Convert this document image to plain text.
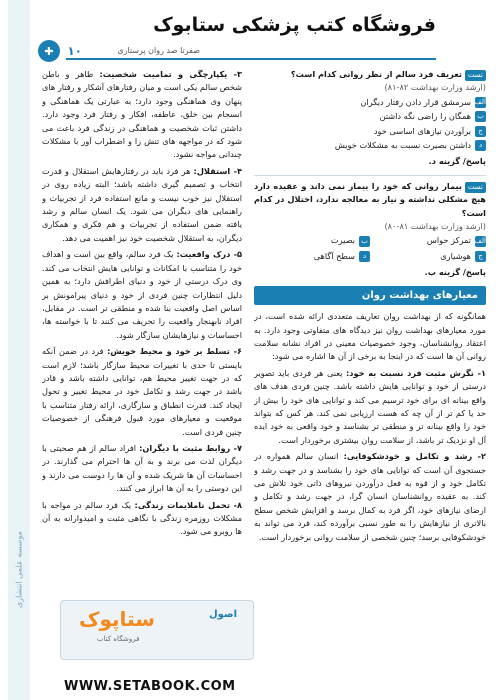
موسسه علمی انتشاری
فروشگاه کتب پزشکی ستابوک
۱۰	صفرتا صد روان پرستاری
✚
تستتعریف فرد سالم از نظر روانی کدام است؟
(ارشد وزارت بهداشت ۸۲-۸۱)
الف
سرمشق قرار دادن رفتار دیگران
ب
همگان را راضی نگه داشتن
ج
برآوردن نیازهای اساسی خود
د
داشتن بصیرت نسبت به مشکلات خویش
پاسخ/ گزینه د.
تستبیمار روانی که خود را بیمار نمی داند و عقیده دارد هیچ مشکلی نداشته و نیاز به معالجه ندارد، اختلال در کدام است؟
(ارشد وزارت بهداشت ۸۱-۸۰)
الف
تمرکز حواس
ب
بصیرت
ج
هوشیاری
د
سطح آگاهی
پاسخ/ گزینه ب.
معیارهای بهداشت روان

همانگونه که از بهداشت روان تعاریف متعددی ارائه شده است، در مورد معیارهای بهداشت روان نیز دیدگاه های متفاوتی وجود دارد. به اعتقاد روانشناسان، وجود خصوصیات معینی در افراد نشانه سلامت روانی آن ها است که در اینجا به برخی از آن ها اشاره می شود:

۱- نگرش مثبت فرد نسبت به خود: یعنی هر فردی باید تصویر درستی از خود و توانایی هایش داشته باشد. چنین فردی هدف های واقع بینانه ای برای خود ترسیم می کند و توانایی های خود را بیش از حد یا کم تر از آن چه که هست ارزیابی نمی کند. هر کس که بتواند خود را واقع بینانه تر و منطقی تر بشناسد و خود واقعی به خود ایده آل او نزدیک تر باشد، از سلامت روان بیشتری برخوردار است.

۲- رشد و تکامل و خودشکوفایی: انسان سالم همواره در جستجوی آن است که توانایی های خود را بشناسد و در جهت رشد و تکامل خود و از قوه به فعل درآوردن نیروهای ذاتی خود تلاش می کند. به عقیده روانشناسان انسان گرا، در جهت رشد و تکامل و ارضای نیازهای خود، اگر فرد به کمال برسد و افزایش شخص سطح بالاتری از نیازهایش را به طور نسبی برآورده کند، فرد می تواند به خودشکوفایی برسد؛ چنین شخصی از سلامت روانی برخوردار است.

۳- یکپارچگی و تمامیت شخصیت: ظاهر و باطن شخص سالم یکی است و میان رفتارهای آشکار و رفتار های پنهان وی هماهنگی وجود دارد؛ به عبارتی یک هماهنگی و انسجام بین خلق، عاطفه، افکار و رفتار فرد وجود دارد. داشتن ثبات شخصیت و هماهنگی در زندگی فرد باعث می شود که در مواجهه های تنش زا و اضطراب آور با مشکلات چندانی مواجه نشود.

۴- استقلال: هر فرد باید در رفتارهایش استقلال و قدرت انتخاب و تصمیم گیری داشته باشد؛ البته زیاده روی در استقلال نیز خوب نیست و مانع استفاده فرد از تجربیات و راهنمایی های دیگران می شود. یک انسان سالم و رشد یافته ضمن استفاده از تجربیات و هم فکری و همکاری دیگران، به استقلال شخصیت خود نیز اهمیت می دهد.

۵- درک واقعیت: یک فرد سالم، واقع بین است و اهداف خود را متناسب با امکانات و توانایی هایش انتخاب می کند. وی درک درستی از خود و دنیای اطرافش دارد؛ به همین دلیل انتظارات چنین فردی از خود و دنیای پیرامونش بر اساس اصل واقعیت بنا شده و منطقی تر است. در مقابل، افراد نابهنجار واقعیت را تحریف می کنند تا با خواسته ها، احساسات و نیازهایشان سازگار شود.

۶- تسلط بر خود و محیط خویش: فرد در ضمن آنکه بایستی تا حدی با تغییرات محیط سازگار باشد؛ لازم است که در جهت تغییر محیط هم، توانایی داشته باشد و قادر باشد در جهت رشد و تکامل خود در محیط تغییر و تحول ایجاد کند. قدرت انطباق و سازگاری، ارائه رفتار متناسب با موقعیت و معیارهای مورد قبول فرهنگی از خصوصیات چنین فردی است.

۷- روابط مثبت با دیگران: افراد سالم از هم صحبتی با دیگران لذت می برند و به آن ها احترام می گذارند. در احساسات آن ها شریک شده و آن ها را دوست می دارند و این دوستی را به آن ها ابراز می کنند.

۸- تحمل ناملایمات زندگی: یک فرد سالم در مواجه با مشکلات روزمره زندگی با نگاهی مثبت و امیدوارانه به آن ها روبرو می شود.

اصول
ستاپوک
فروشگاه کتاب
WWW.SETABOOK.COM
